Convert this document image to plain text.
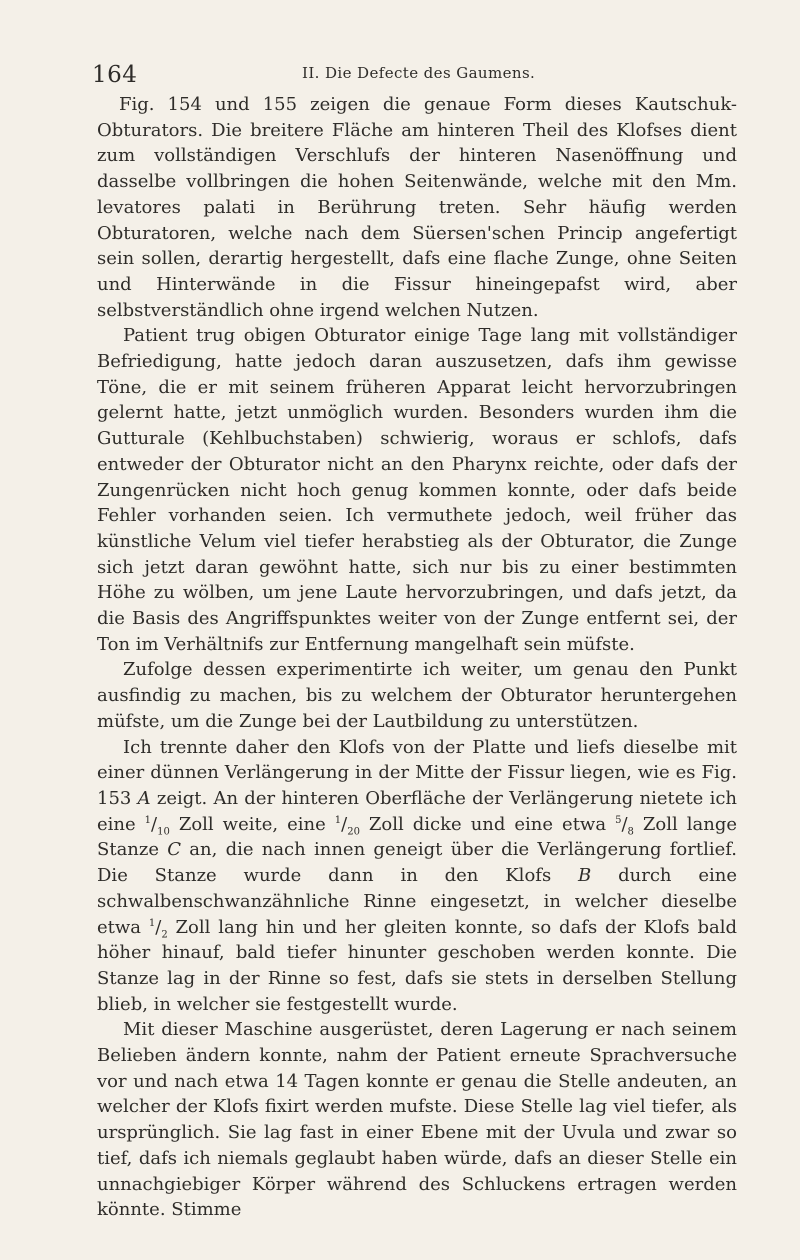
164	II. Die Defecte des Gaumens.

Fig. 154 und 155 zeigen die genaue Form dieses Kautschuk-Obturators. Die breitere Fläche am hinteren Theil des Klofses dient zum vollständigen Verschlufs der hinteren Nasenöffnung und dasselbe vollbringen die hohen Seitenwände, welche mit den Mm. levatores palati in Berührung treten. Sehr häufig werden Obturatoren, welche nach dem Süersen'schen Princip angefertigt sein sollen, derartig hergestellt, dafs eine flache Zunge, ohne Seiten und Hinterwände in die Fissur hineingepafst wird, aber selbstverständlich ohne irgend welchen Nutzen.

Patient trug obigen Obturator einige Tage lang mit vollständiger Befriedigung, hatte jedoch daran auszusetzen, dafs ihm gewisse Töne, die er mit seinem früheren Apparat leicht hervorzubringen gelernt hatte, jetzt unmöglich wurden. Besonders wurden ihm die Gutturale (Kehlbuchstaben) schwierig, woraus er schlofs, dafs entweder der Obturator nicht an den Pharynx reichte, oder dafs der Zungenrücken nicht hoch genug kommen konnte, oder dafs beide Fehler vorhanden seien. Ich vermuthete jedoch, weil früher das künstliche Velum viel tiefer herabstieg als der Obturator, die Zunge sich jetzt daran gewöhnt hatte, sich nur bis zu einer bestimmten Höhe zu wölben, um jene Laute hervorzubringen, und dafs jetzt, da die Basis des Angriffspunktes weiter von der Zunge entfernt sei, der Ton im Verhältnifs zur Entfernung mangelhaft sein müfste.

Zufolge dessen experimentirte ich weiter, um genau den Punkt ausfindig zu machen, bis zu welchem der Obturator heruntergehen müfste, um die Zunge bei der Lautbildung zu unterstützen.

Ich trennte daher den Klofs von der Platte und liefs dieselbe mit einer dünnen Verlängerung in der Mitte der Fissur liegen, wie es Fig. 153 A zeigt. An der hinteren Oberfläche der Verlängerung nietete ich eine $^1/_{10}$ Zoll weite, eine $^1/_{20}$ Zoll dicke und eine etwa $^5/_8$ Zoll lange Stanze C an, die nach innen geneigt über die Verlängerung fortlief. Die Stanze wurde dann in den Klofs B durch eine schwalbenschwanzähnliche Rinne eingesetzt, in welcher dieselbe etwa $^1/_2$ Zoll lang hin und her gleiten konnte, so dafs der Klofs bald höher hinauf, bald tiefer hinunter geschoben werden konnte. Die Stanze lag in der Rinne so fest, dafs sie stets in derselben Stellung blieb, in welcher sie festgestellt wurde.

Mit dieser Maschine ausgerüstet, deren Lagerung er nach seinem Belieben ändern konnte, nahm der Patient erneute Sprachversuche vor und nach etwa 14 Tagen konnte er genau die Stelle andeuten, an welcher der Klofs fixirt werden mufste. Diese Stelle lag viel tiefer, als ursprünglich. Sie lag fast in einer Ebene mit der Uvula und zwar so tief, dafs ich niemals geglaubt haben würde, dafs an dieser Stelle ein unnachgiebiger Körper während des Schluckens ertragen werden könnte. Stimme
